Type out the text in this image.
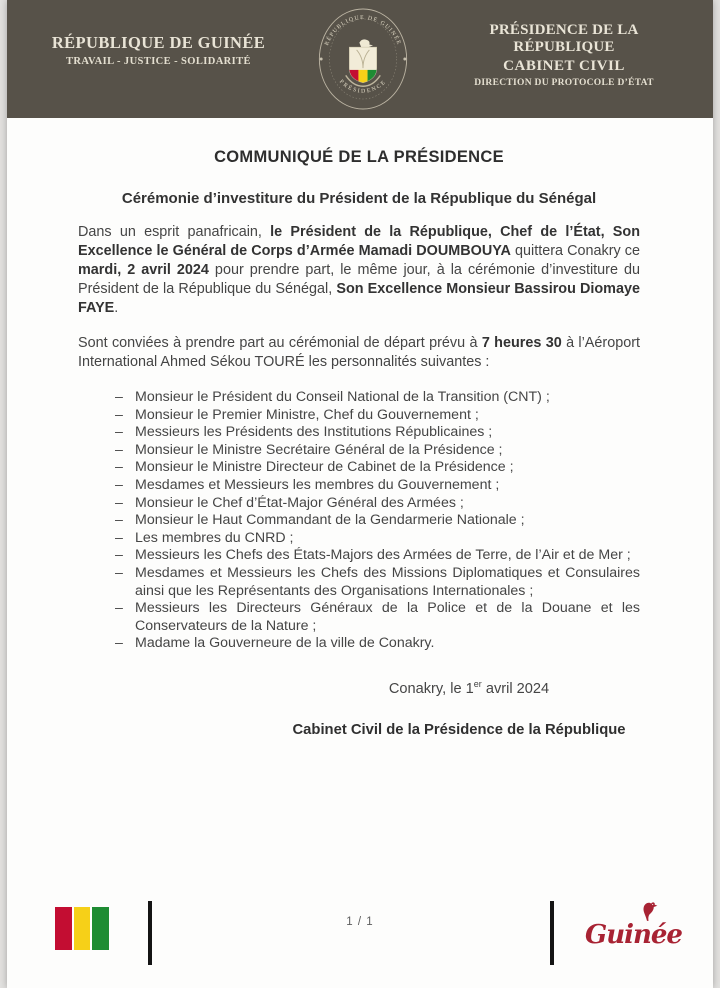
RÉPUBLIQUE DE GUINÉE
TRAVAIL - JUSTICE - SOLIDARITÉ
RÉPUBLIQUE DE GUINÉE
PRÉSIDENCE
PRÉSIDENCE DE LA RÉPUBLIQUE
CABINET CIVIL
DIRECTION DU PROTOCOLE D’ÉTAT
COMMUNIQUÉ DE LA PRÉSIDENCE
Cérémonie d’investiture du Président de la République du Sénégal

Dans un esprit panafricain, le Président de la République, Chef de l’État, Son Excellence le Général de Corps d’Armée Mamadi DOUMBOUYA quittera Conakry ce mardi, 2 avril 2024 pour prendre part, le même jour, à la cérémonie d’investiture du Président de la République du Sénégal, Son Excellence Monsieur Bassirou Diomaye FAYE.

Sont conviées à prendre part au cérémonial de départ prévu à 7 heures 30 à l’Aéroport International Ahmed Sékou TOURÉ les personnalités suivantes :

– Monsieur le Président du Conseil National de la Transition (CNT) ;
– Monsieur le Premier Ministre, Chef du Gouvernement ;
– Messieurs les Présidents des Institutions Républicaines ;
– Monsieur le Ministre Secrétaire Général de la Présidence ;
– Monsieur le Ministre Directeur de Cabinet de la Présidence ;
– Mesdames et Messieurs les membres du Gouvernement ;
– Monsieur le Chef d’État-Major Général des Armées ;
– Monsieur le Haut Commandant de la Gendarmerie Nationale ;
– Les membres du CNRD ;
– Messieurs les Chefs des États-Majors des Armées de Terre, de l’Air et de Mer ;
– Mesdames et Messieurs les Chefs des Missions Diplomatiques et Consulaires ainsi que les Représentants des Organisations Internationales ;
– Messieurs les Directeurs Généraux de la Police et de la Douane et les Conservateurs de la Nature ;
– Madame la Gouverneure de la ville de Conakry.
Conakry, le 1er avril 2024
Cabinet Civil de la Présidence de la République
1 / 1	Guinée
